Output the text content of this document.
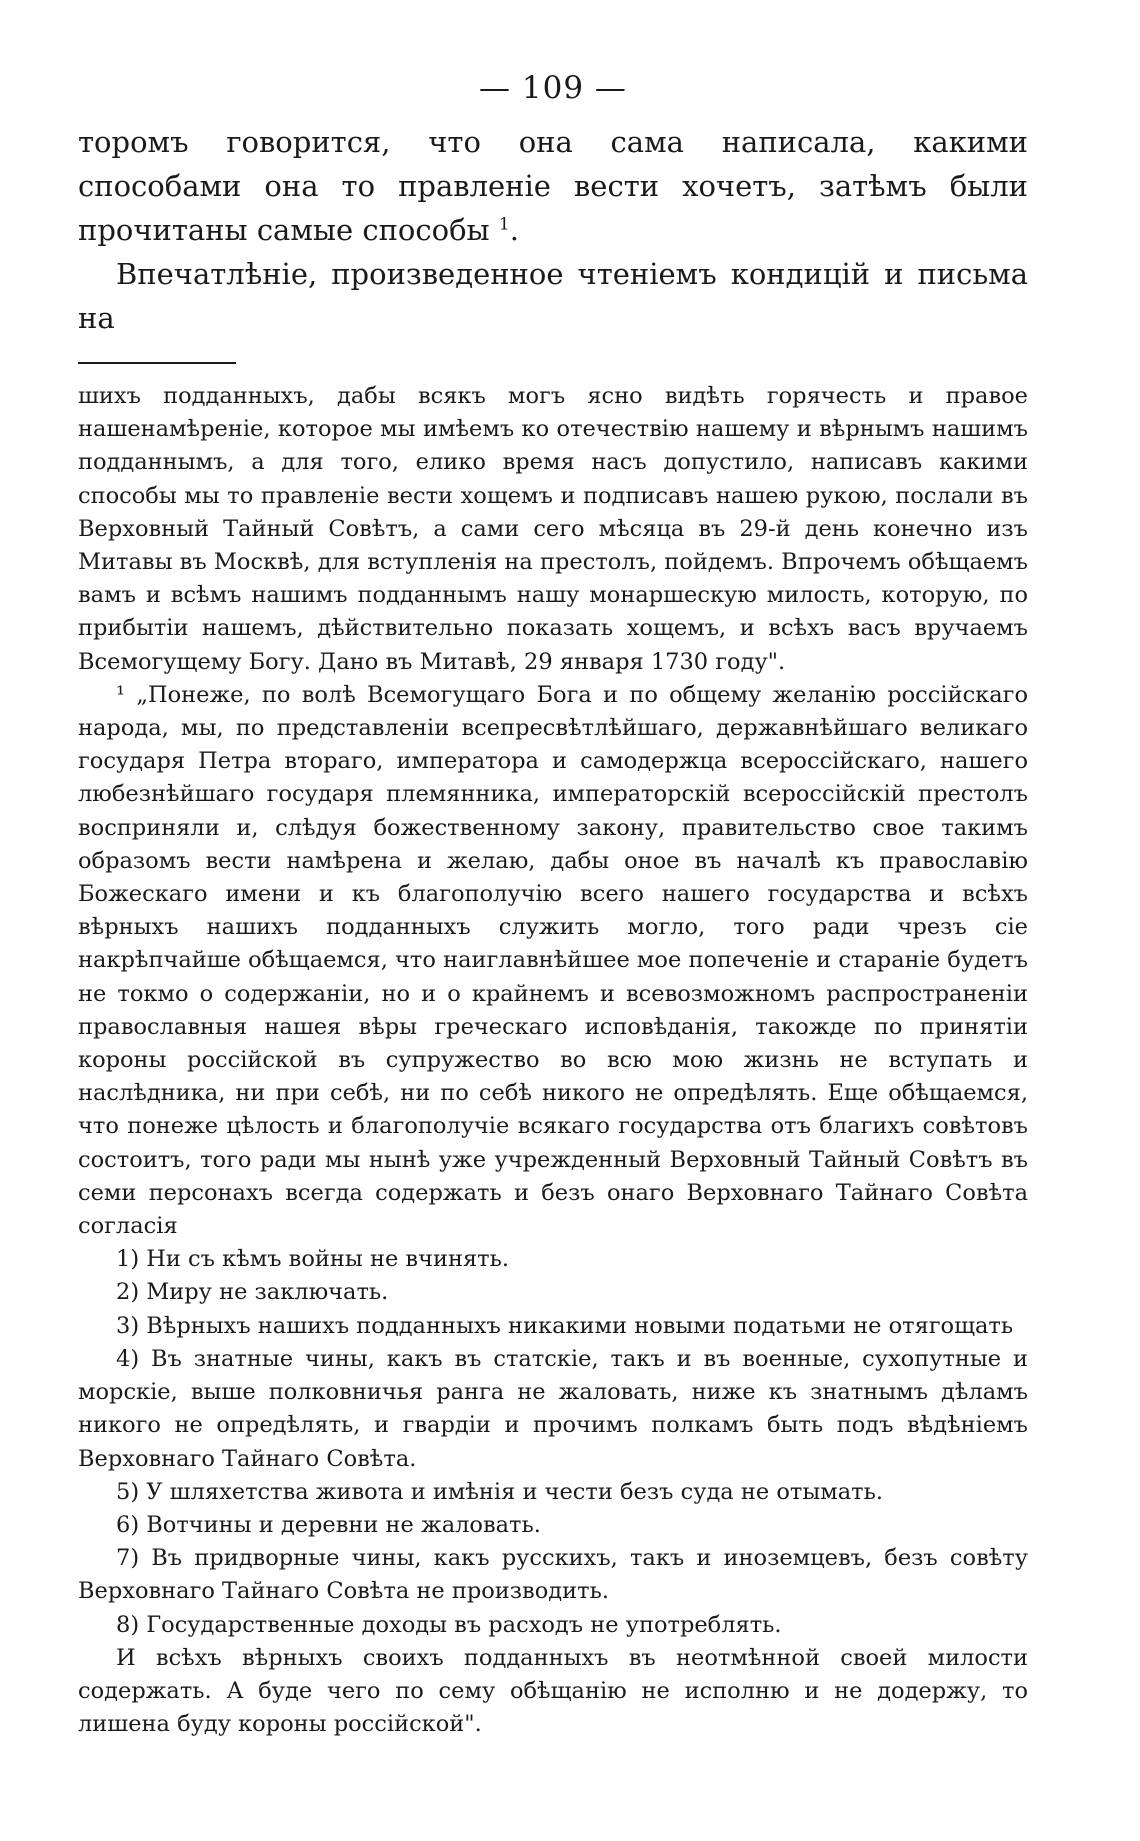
— 109 —

торомъ говорится, что она сама написала, какими способами она то правленіе вести хочетъ, затѣмъ были прочитаны самые способы $^1$.

Впечатлѣніе, произведенное чтеніемъ кондицій и письма на

шихъ подданныхъ, дабы всякъ могъ ясно видѣть горячесть и правое нашенамѣреніе, которое мы имѣемъ ко отечествію нашему и вѣрнымъ нашимъ подданнымъ, а для того, елико время насъ допустило, написавъ какими способы мы то правленіе вести хощемъ и подписавъ нашею рукою, послали въ Верховный Тайный Совѣтъ, а сами сего мѣсяца въ 29-й день конечно изъ Митавы въ Москвѣ, для вступленія на престолъ, пойдемъ. Впрочемъ обѣщаемъ вамъ и всѣмъ нашимъ подданнымъ нашу монаршескую милость, которую, по прибытіи нашемъ, дѣйствительно показать хощемъ, и всѣхъ васъ вручаемъ Всемогущему Богу. Дано въ Митавѣ, 29 января 1730 году".

¹ „Понеже, по волѣ Всемогущаго Бога и по общему желанію россійскаго народа, мы, по представленіи всепресвѣтлѣйшаго, державнѣйшаго великаго государя Петра втораго, императора и самодержца всероссійскаго, нашего любезнѣйшаго государя племянника, императорскій всероссійскій престолъ восприняли и, слѣдуя божественному закону, правительство свое такимъ образомъ вести намѣрена и желаю, дабы оное въ началѣ къ православію Божескаго имени и къ благополучію всего нашего государства и всѣхъ вѣрныхъ нашихъ подданныхъ служить могло, того ради чрезъ сіе накрѣпчайше обѣщаемся, что наиглавнѣйшее мое попеченіе и стараніе будетъ не токмо о содержаніи, но и о крайнемъ и всевозможномъ распространеніи православныя нашея вѣры греческаго исповѣданія, такожде по принятіи короны россійской въ супружество во всю мою жизнь не вступать и наслѣдника, ни при себѣ, ни по себѣ никого не опредѣлять. Еще обѣщаемся, что понеже цѣлость и благополучіе всякаго государства отъ благихъ совѣтовъ состоитъ, того ради мы нынѣ уже учрежденный Верховный Тайный Совѣтъ въ семи персонахъ всегда содержать и безъ онаго Верховнаго Тайнаго Совѣта согласія

1) Ни съ кѣмъ войны не вчинять.

2) Миру не заключать.

3) Вѣрныхъ нашихъ подданныхъ никакими новыми податьми не отягощать

4) Въ знатные чины, какъ въ статскіе, такъ и въ военные, сухопутные и морскіе, выше полковничья ранга не жаловать, ниже къ знатнымъ дѣламъ никого не опредѣлять, и гвардіи и прочимъ полкамъ быть подъ вѣдѣніемъ Верховнаго Тайнаго Совѣта.

5) У шляхетства живота и имѣнія и чести безъ суда не отымать.

6) Вотчины и деревни не жаловать.

7) Въ придворные чины, какъ русскихъ, такъ и иноземцевъ, безъ совѣту Верховнаго Тайнаго Совѣта не производить.

8) Государственные доходы въ расходъ не употреблять.

И всѣхъ вѣрныхъ своихъ подданныхъ въ неотмѣнной своей милости содержать. А буде чего по сему обѣщанію не исполню и не додержу, то лишена буду короны россійской".
